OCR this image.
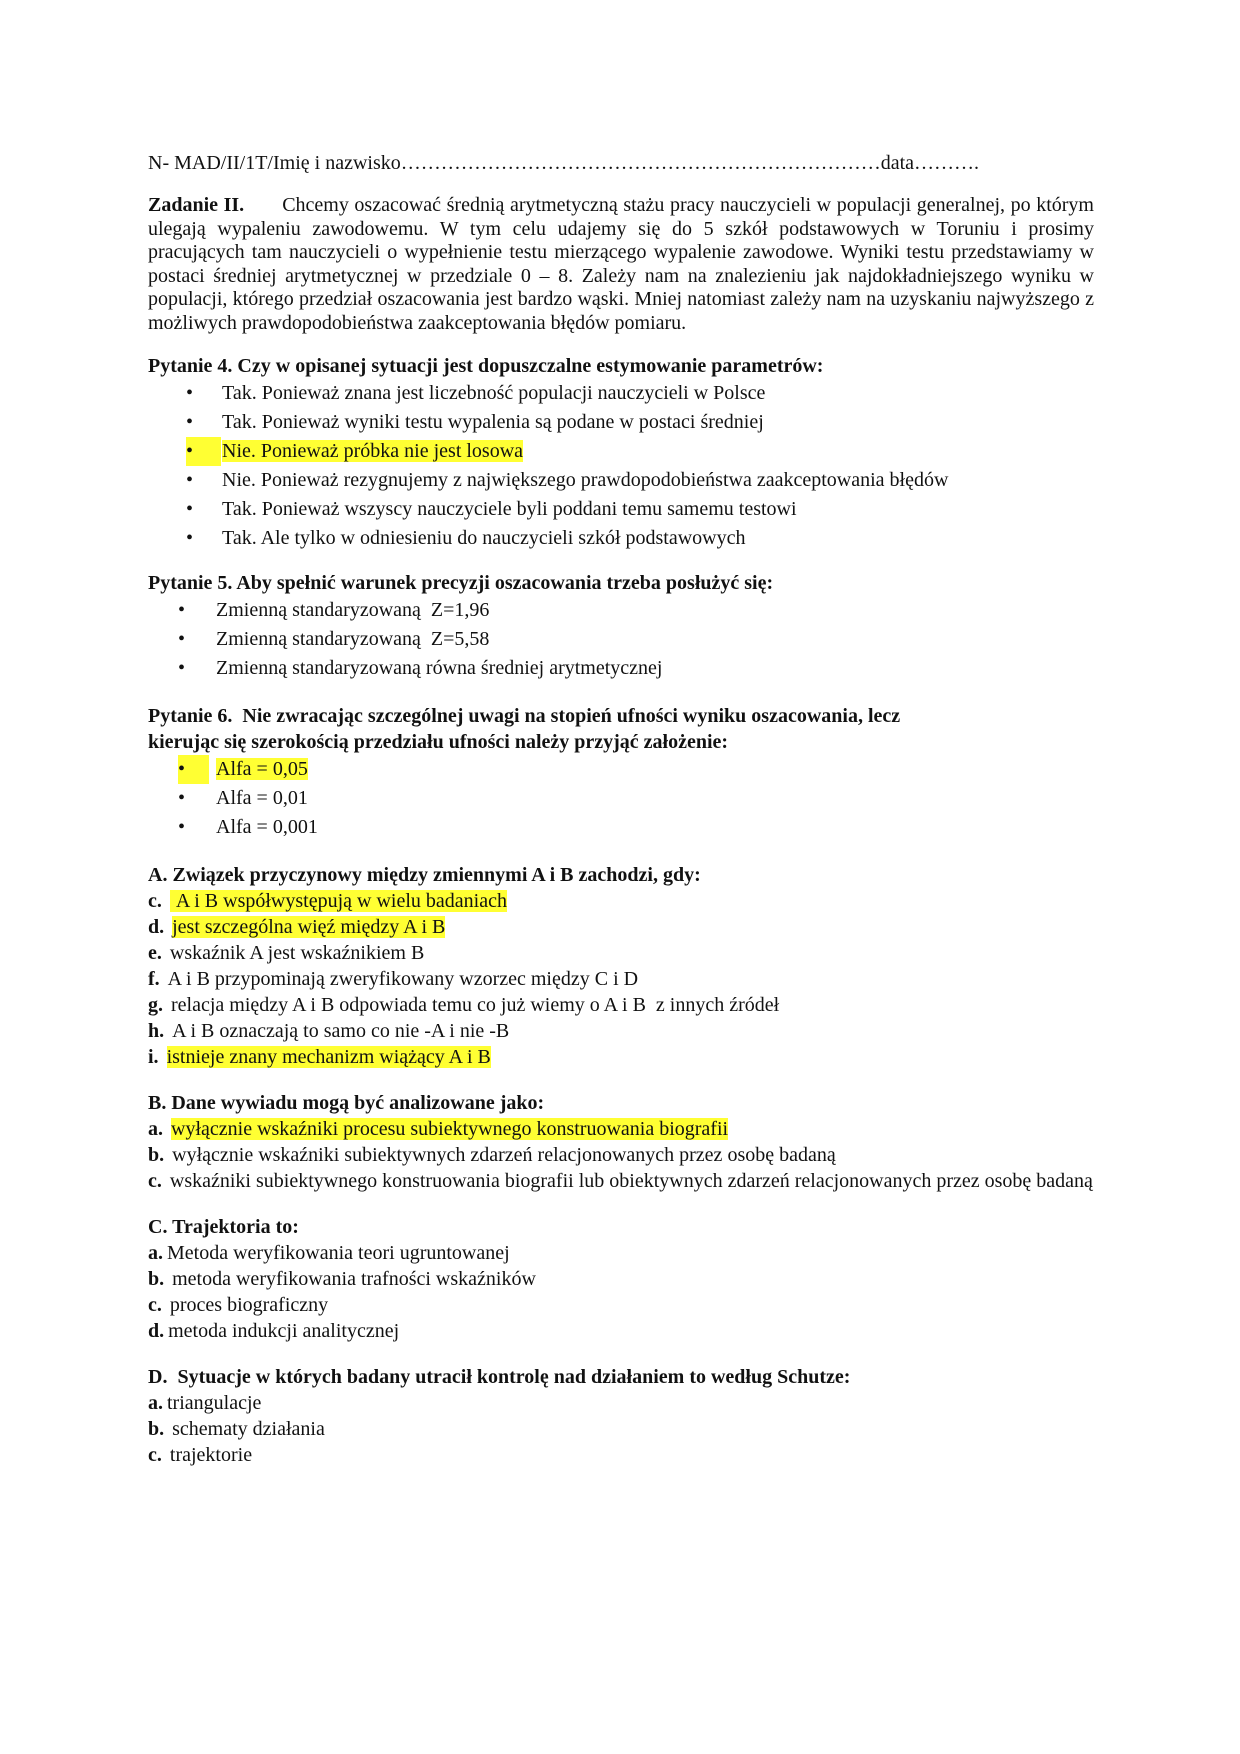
N- MAD/II/1T/Imię i nazwisko………………………………………………………………data……….

Zadanie II. Chcemy oszacować średnią arytmetyczną stażu pracy nauczycieli w populacji generalnej, po którym ulegają wypaleniu zawodowemu. W tym celu udajemy się do 5 szkół podstawowych w Toruniu i prosimy pracujących tam nauczycieli o wypełnienie testu mierzącego wypalenie zawodowe. Wyniki testu przedstawiamy w postaci średniej arytmetycznej w przedziale 0 – 8. Zależy nam na znalezieniu jak najdokładniejszego wyniku w populacji, którego przedział oszacowania jest bardzo wąski. Mniej natomiast zależy nam na uzyskaniu najwyższego z możliwych prawdopodobieństwa zaakceptowania błędów pomiaru.

Pytanie 4. Czy w opisanej sytuacji jest dopuszczalne estymowanie parametrów:

• Tak. Ponieważ znana jest liczebność populacji nauczycieli w Polsce
• Tak. Ponieważ wyniki testu wypalenia są podane w postaci średniej
•	Nie. Ponieważ próbka nie jest losowa
• Nie. Ponieważ rezygnujemy z największego prawdopodobieństwa zaakceptowania błędów
• Tak. Ponieważ wszyscy nauczyciele byli poddani temu samemu testowi
• Tak. Ale tylko w odniesieniu do nauczycieli szkół podstawowych

Pytanie 5. Aby spełnić warunek precyzji oszacowania trzeba posłużyć się:

• Zmienną standaryzowaną  Z=1,96
• Zmienną standaryzowaną  Z=5,58
• Zmienną standaryzowaną równa średniej arytmetycznej

Pytanie 6.  Nie zwracając szczególnej uwagi na stopień ufności wyniku oszacowania, lecz

kierując się szerokością przedziału ufności należy przyjąć założenie:

•	Alfa = 0,05
• Alfa = 0,01
• Alfa = 0,001

A. Związek przyczynowy między zmiennymi A i B zachodzi, gdy:

c. A i B współwystępują w wielu badaniach
d. jest szczególna więź między A i B
e. wskaźnik A jest wskaźnikiem B
f. A i B przypominają zweryfikowany wzorzec między C i D
g. relacja między A i B odpowiada temu co już wiemy o A i B  z innych źródeł
h. A i B oznaczają to samo co nie -A i nie -B
i. istnieje znany mechanizm wiążący A i B

B. Dane wywiadu mogą być analizowane jako:

a. wyłącznie wskaźniki procesu subiektywnego konstruowania biografii
b. wyłącznie wskaźniki subiektywnych zdarzeń relacjonowanych przez osobę badaną
c. wskaźniki subiektywnego konstruowania biografii lub obiektywnych zdarzeń relacjonowanych przez osobę badaną

C. Trajektoria to:

a. Metoda weryfikowania teori ugruntowanej
b. metoda weryfikowania trafności wskaźników
c. proces biograficzny
d. metoda indukcji analitycznej

D.  Sytuacje w których badany utracił kontrolę nad działaniem to według Schutze:

a. triangulacje
b. schematy działania
c. trajektorie
